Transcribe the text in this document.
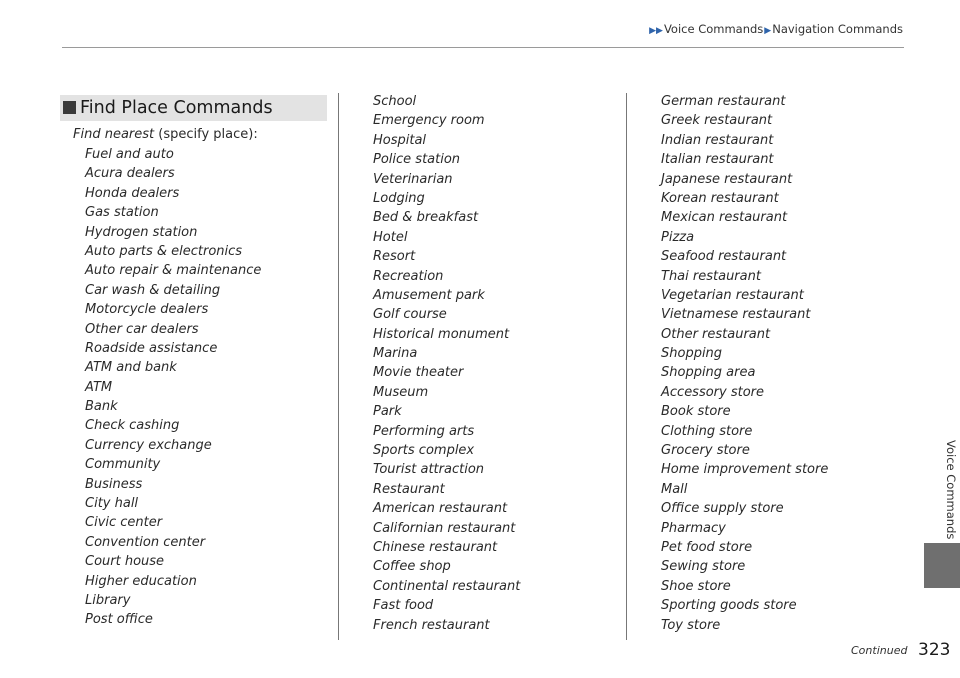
▶▶Voice Commands▶Navigation Commands
Voice Commands
Find Place Commands
Find nearest (specify place):
Fuel and auto
Acura dealers
Honda dealers
Gas station
Hydrogen station
Auto parts & electronics
Auto repair & maintenance
Car wash & detailing
Motorcycle dealers
Other car dealers
Roadside assistance
ATM and bank
ATM
Bank
Check cashing
Currency exchange
Community
Business
City hall
Civic center
Convention center
Court house
Higher education
Library
Post office
School
Emergency room
Hospital
Police station
Veterinarian
Lodging
Bed & breakfast
Hotel
Resort
Recreation
Amusement park
Golf course
Historical monument
Marina
Movie theater
Museum
Park
Performing arts
Sports complex
Tourist attraction
Restaurant
American restaurant
Californian restaurant
Chinese restaurant
Coffee shop
Continental restaurant
Fast food
French restaurant
German restaurant
Greek restaurant
Indian restaurant
Italian restaurant
Japanese restaurant
Korean restaurant
Mexican restaurant
Pizza
Seafood restaurant
Thai restaurant
Vegetarian restaurant
Vietnamese restaurant
Other restaurant
Shopping
Shopping area
Accessory store
Book store
Clothing store
Grocery store
Home improvement store
Mall
Office supply store
Pharmacy
Pet food store
Sewing store
Shoe store
Sporting goods store
Toy store
Continued 323
